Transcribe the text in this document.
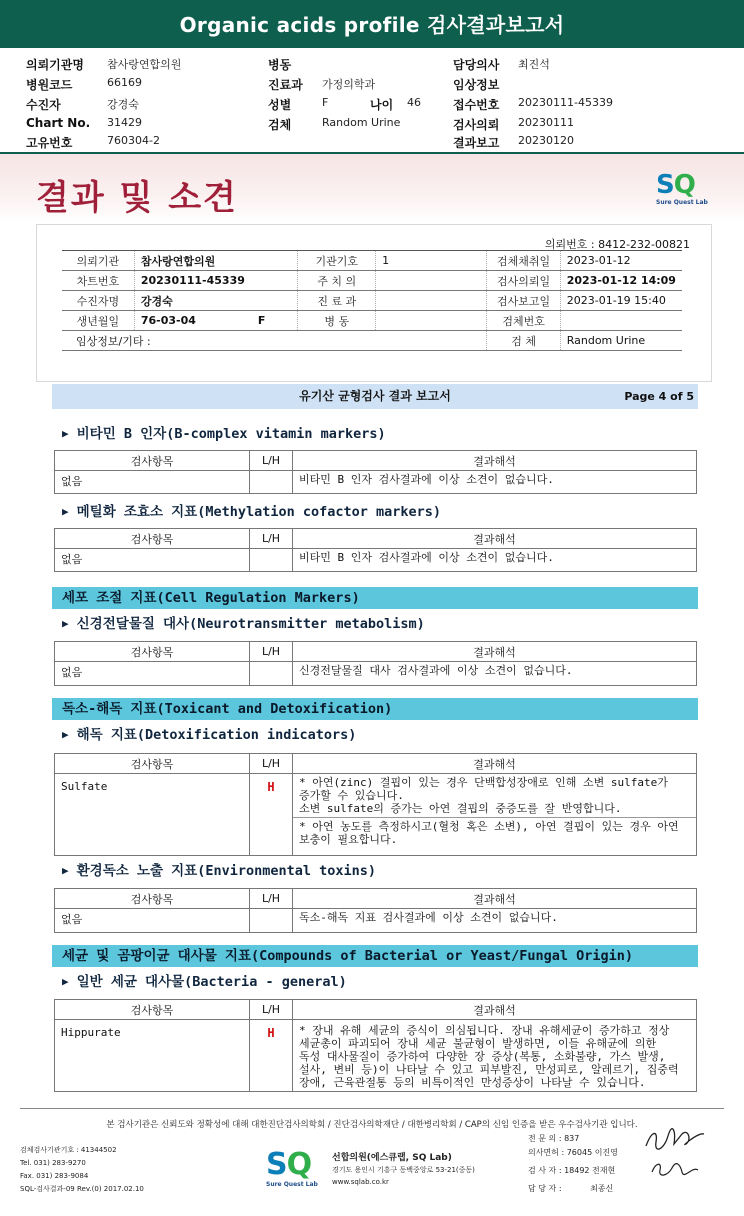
Organic acids profile 검사결과보고서
의뢰기관명 참사랑연합의원	병동	담당의사 최진석
병원코드	66169	진료과 가정의학과	임상정보
수진자	강경숙	성별	F	나이 46	접수번호 20230111-45339
Chart No. 31429	검체	Random Urine	검사의뢰 20230111
고유번호	760304-2	결과보고 20230120
결과 및 소견	SQ
Sure Quest Lab
의뢰번호 : 8412-232-00821
의뢰기관	참사랑연합의원	기관기호	1	검체채취일	2023-01-12
차트번호	20230111-45339	주 치 의		검사의뢰일	2023-01-12 14:09
수진자명	강경숙	진 료 과		검사보고일	2023-01-19 15:40
생년월일	76-03-04 F	병 동		검체번호	
임상정보/기타 :				검 체	Random Urine
유기산 균형검사 결과 보고서	Page 4 of 5
▶ 비타민 B 인자(B-complex vitamin markers)
검사항목	L/H	결과해석
없음		비타민 B 인자 검사결과에 이상 소견이 없습니다.
▶ 메틸화 조효소 지표(Methylation cofactor markers)
검사항목	L/H	결과해석
없음		비타민 B 인자 검사결과에 이상 소견이 없습니다.
세포 조절 지표(Cell Regulation Markers)
▶ 신경전달물질 대사(Neurotransmitter metabolism)
검사항목	L/H	결과해석
없음		신경전달물질 대사 검사결과에 이상 소견이 없습니다.
독소-해독 지표(Toxicant and Detoxification)
▶ 해독 지표(Detoxification indicators)
검사항목	L/H	결과해석
Sulfate	H	* 아연(zinc) 결핍이 있는 경우 단백합성장애로 인해 소변 sulfate가
증가할 수 있습니다.
소변 sulfate의 증가는 아연 결핍의 중증도를 잘 반영합니다.
* 아연 농도를 측정하시고(혈청 혹은 소변), 아연 결핍이 있는 경우 아연
보충이 필요합니다.
▶ 환경독소 노출 지표(Environmental toxins)
검사항목	L/H	결과해석
없음		독소-해독 지표 검사결과에 이상 소견이 없습니다.
세균 및 곰팡이균 대사물 지표(Compounds of Bacterial or Yeast/Fungal Origin)
▶ 일반 세균 대사물(Bacteria - general)
검사항목	L/H	결과해석
Hippurate	H	* 장내 유해 세균의 증식이 의심됩니다. 장내 유해세균이 증가하고 정상
세균총이 파괴되어 장내 세균 불균형이 발생하면, 이들 유해균에 의한
독성 대사물질이 증가하여 다양한 장 증상(복통, 소화불량, 가스 발생,
설사, 변비 등)이 나타날 수 있고 피부발진, 만성피로, 알레르기, 집중력
장애, 근육관절통 등의 비특이적인 만성증상이 나타날 수 있습니다.
본 검사기관은 신뢰도와 정확성에 대해 대한진단검사의학회 / 진단검사의학재단 / 대한병리학회 / CAP의 신임 인증을 받은 우수검사기관 입니다.
검체검사기관기호 : 41344502
Tel. 031) 283-9270
Fax. 031) 283-9084
SQL-검사결과-09 Rev.(0) 2017.02.10
SQ
Sure Quest Lab
선합의원(에스큐랩, SQ Lab)
경기도 용인시 기흥구 동백중앙로 53-21(중동)
www.sqlab.co.kr
전 문 의 : 837
의사면허 : 76045 이진영
검 사 자 : 18492 전재현
담 당 자 :	최종신
